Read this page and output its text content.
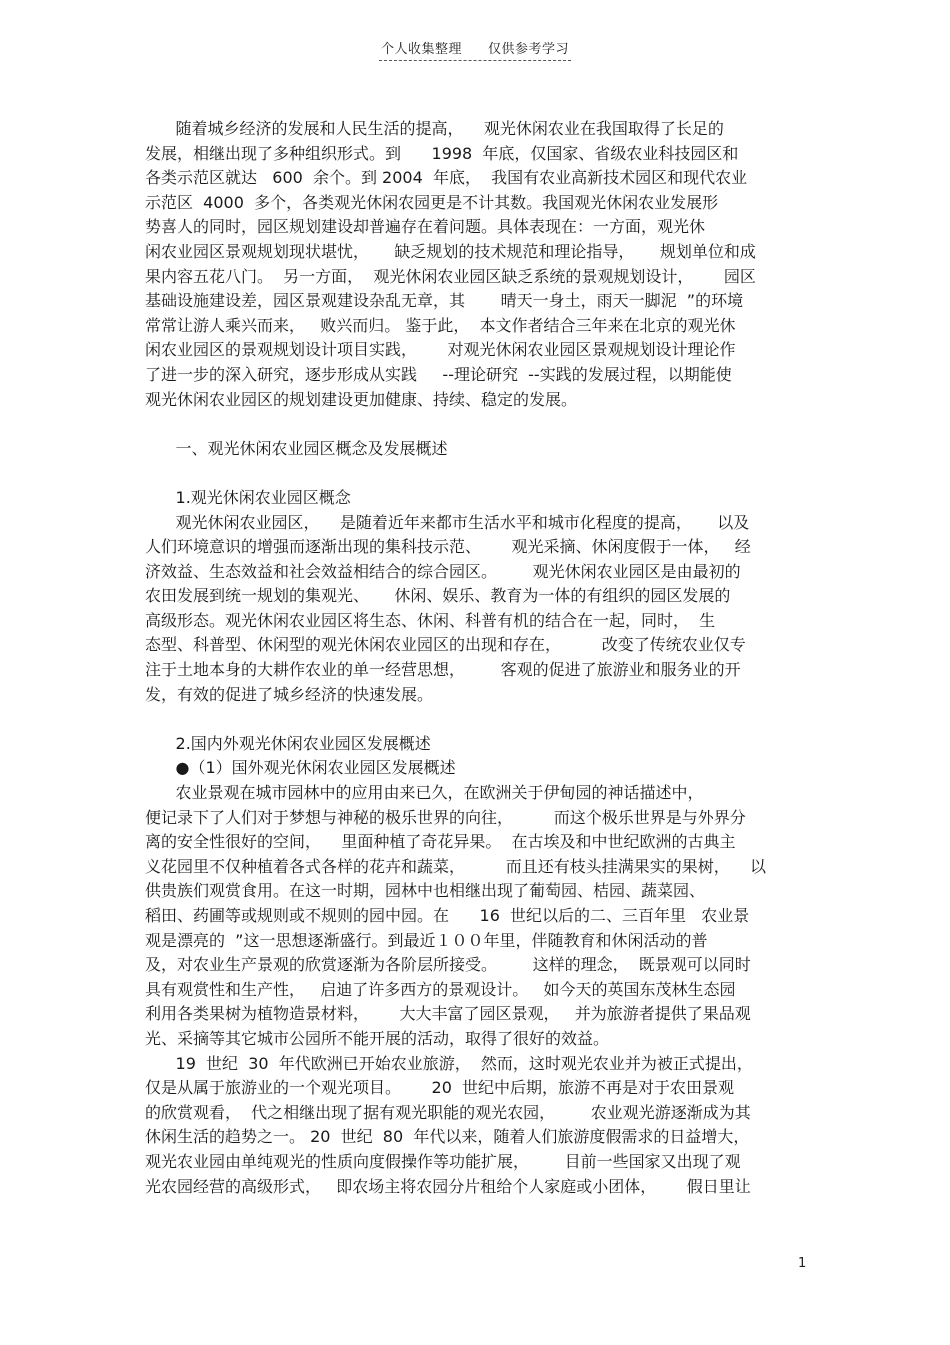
个人收集整理 仅供参考学习
随着城乡经济的发展和人民生活的提高，    观光休闲农业在我国取得了长足的
发展，相继出现了多种组织形式。到      1998  年底，仅国家、省级农业科技园区和
各类示范区就达   600  余个。到 2004  年底，  我国有农业高新技术园区和现代农业
示范区  4000  多个，各类观光休闲农园更是不计其数。我国观光休闲农业发展形
势喜人的同时，园区规划建设却普遍存在着问题。具体表现在：一方面，观光休
闲农业园区景观规划现状堪忧，     缺乏规划的技术规范和理论指导，     规划单位和成
果内容五花八门。  另一方面，  观光休闲农业园区缺乏系统的景观规划设计，      园区
基础设施建设差，园区景观建设杂乱无章，其       晴天一身土，雨天一脚泥  ”的环境
常常让游人乘兴而来，   败兴而归。 鉴于此，  本文作者结合三年来在北京的观光休
闲农业园区的景观规划设计项目实践，      对观光休闲农业园区景观规划设计理论作
了进一步的深入研究，逐步形成从实践     --理论研究  --实践的发展过程，以期能使
观光休闲农业园区的规划建设更加健康、持续、稳定的发展。
一、观光休闲农业园区概念及发展概述
1.观光休闲农业园区概念
观光休闲农业园区，    是随着近年来都市生活水平和城市化程度的提高，     以及
人们环境意识的增强而逐渐出现的集科技示范、      观光采摘、休闲度假于一体，   经
济效益、生态效益和社会效益相结合的综合园区。       观光休闲农业园区是由最初的
农田发展到统一规划的集观光、     休闲、娱乐、教育为一体的有组织的园区发展的
高级形态。观光休闲农业园区将生态、休闲、科普有机的结合在一起，同时，  生
态型、科普型、休闲型的观光休闲农业园区的出现和存在，        改变了传统农业仅专
注于土地本身的大耕作农业的单一经营思想，       客观的促进了旅游业和服务业的开
发，有效的促进了城乡经济的快速发展。
2.国内外观光休闲农业园区发展概述
●（1）国外观光休闲农业园区发展概述
农业景观在城市园林中的应用由来已久，在欧洲关于伊甸园的神话描述中，
便记录下了人们对于梦想与神秘的极乐世界的向往，        而这个极乐世界是与外界分
离的安全性很好的空间，    里面种植了奇花异果。  在古埃及和中世纪欧洲的古典主
义花园里不仅种植着各式各样的花卉和蔬菜，        而且还有枝头挂满果实的果树，    以
供贵族们观赏食用。在这一时期，园林中也相继出现了葡萄园、桔园、蔬菜园、
稻田、药圃等或规则或不规则的园中园。在      16  世纪以后的二、三百年里   农业景
观是漂亮的  ”这一思想逐渐盛行。到最近１００年里，伴随教育和休闲活动的普
及，对农业生产景观的欣赏逐渐为各阶层所接受。       这样的理念，  既景观可以同时
具有观赏性和生产性，   启迪了许多西方的景观设计。   如今天的英国东茂林生态园
利用各类果树为植物造景材料，      大大丰富了园区景观，   并为旅游者提供了果品观
光、采摘等其它城市公园所不能开展的活动，取得了很好的效益。
19  世纪  30  年代欧洲已开始农业旅游，  然而，这时观光农业并为被正式提出，
仅是从属于旅游业的一个观光项目。      20  世纪中后期，旅游不再是对于农田景观
的欣赏观看，  代之相继出现了据有观光职能的观光农园，       农业观光游逐渐成为其
休闲生活的趋势之一。 20  世纪  80  年代以来，随着人们旅游度假需求的日益增大，
观光农业园由单纯观光的性质向度假操作等功能扩展，       目前一些国家又出现了观
光农园经营的高级形式，   即农场主将农园分片租给个人家庭或小团体，      假日里让
1
